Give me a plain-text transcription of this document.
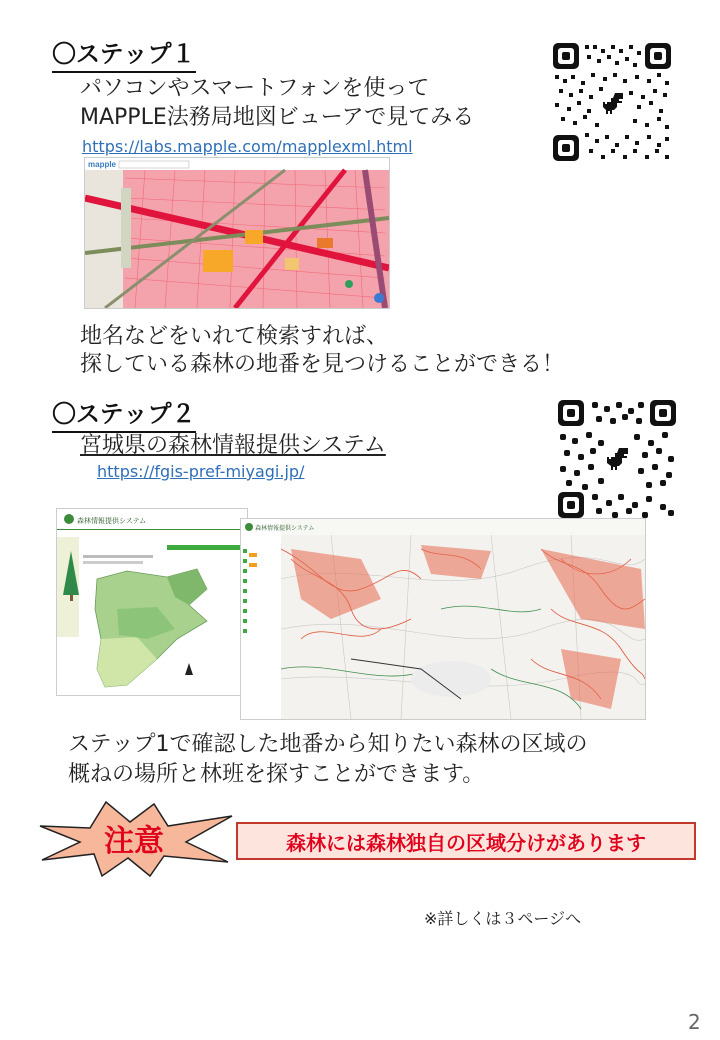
〇ステップ１
パソコンやスマートフォンを使って
MAPPLE法務局地図ビューアで見てみる
https://labs.mapple.com/mapplexml.html
mapple
地名などをいれて検索すれば、
探している森林の地番を見つけることができる！
〇ステップ２
宮城県の森林情報提供システム
https://fgis-pref-miyagi.jp/
森林情報提供システム
森林情報提供システム
ステップ1で確認した地番から知りたい森林の区域の
概ねの場所と林班を探すことができます。
注意	森林には森林独自の区域分けがあります
※詳しくは３ページへ
2
